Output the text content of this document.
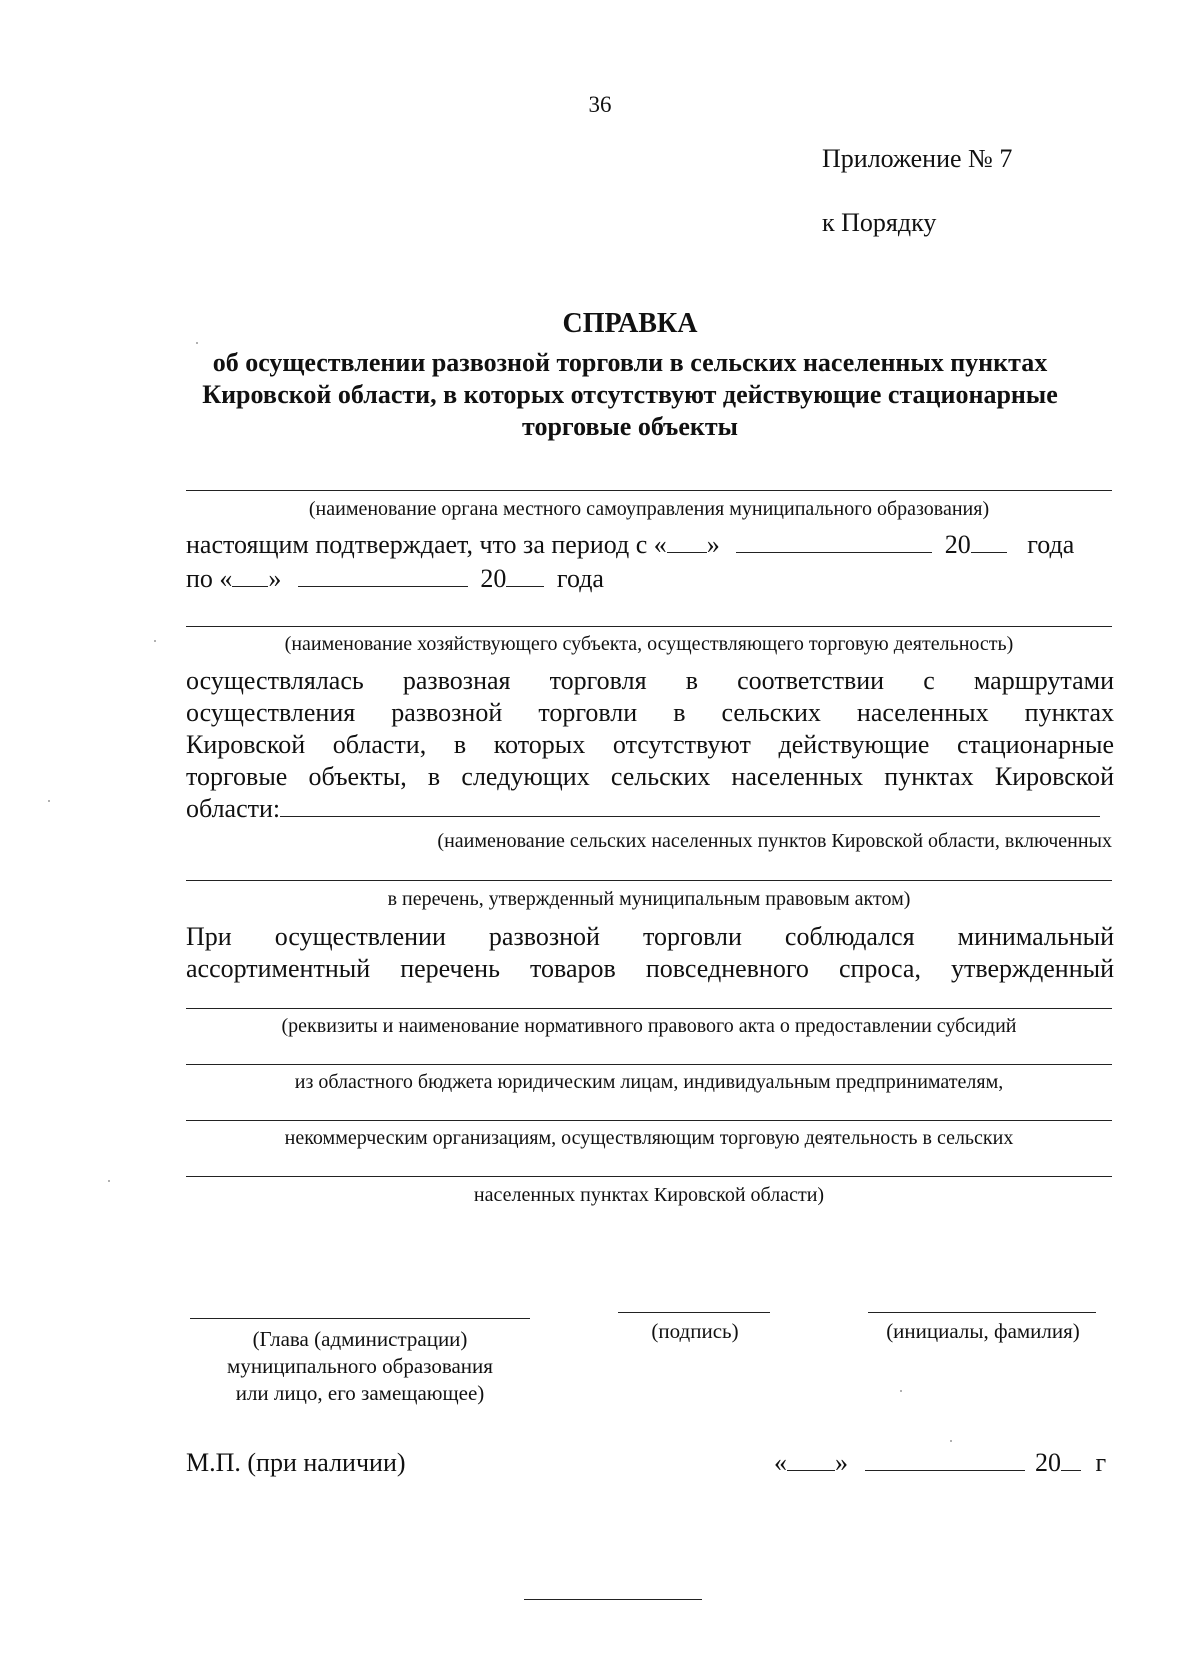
36
Приложение № 7
к Порядку
СПРАВКА
об осуществлении развозной торговли в сельских населенных пунктах
Кировской области, в которых отсутствуют действующие стационарные
торговые объекты
(наименование органа местного самоуправления муниципального образования)
настоящим подтверждает, что за период с « »	20 года
по « »	20 года
(наименование хозяйствующего субъекта, осуществляющего торговую деятельность)
осуществлялась развозная торговля в соответствии с маршрутами
осуществления развозной торговли в сельских населенных пунктах
Кировской области, в которых отсутствуют действующие стационарные
торговые объекты, в следующих сельских населенных пунктах Кировской
области:
(наименование сельских населенных пунктов Кировской области, включенных
в перечень, утвержденный муниципальным правовым актом)
При осуществлении развозной торговли соблюдался минимальный
ассортиментный перечень товаров повседневного спроса, утвержденный
(реквизиты и наименование нормативного правового акта о предоставлении субсидий
из областного бюджета юридическим лицам, индивидуальным предпринимателям,
некоммерческим организациям, осуществляющим торговую деятельность в сельских
населенных пунктах Кировской области)
(Глава (администрации)
муниципального образования
или лицо, его замещающее)
(подпись)	(инициалы, фамилия)
М.П. (при наличии)	« »	20 г
